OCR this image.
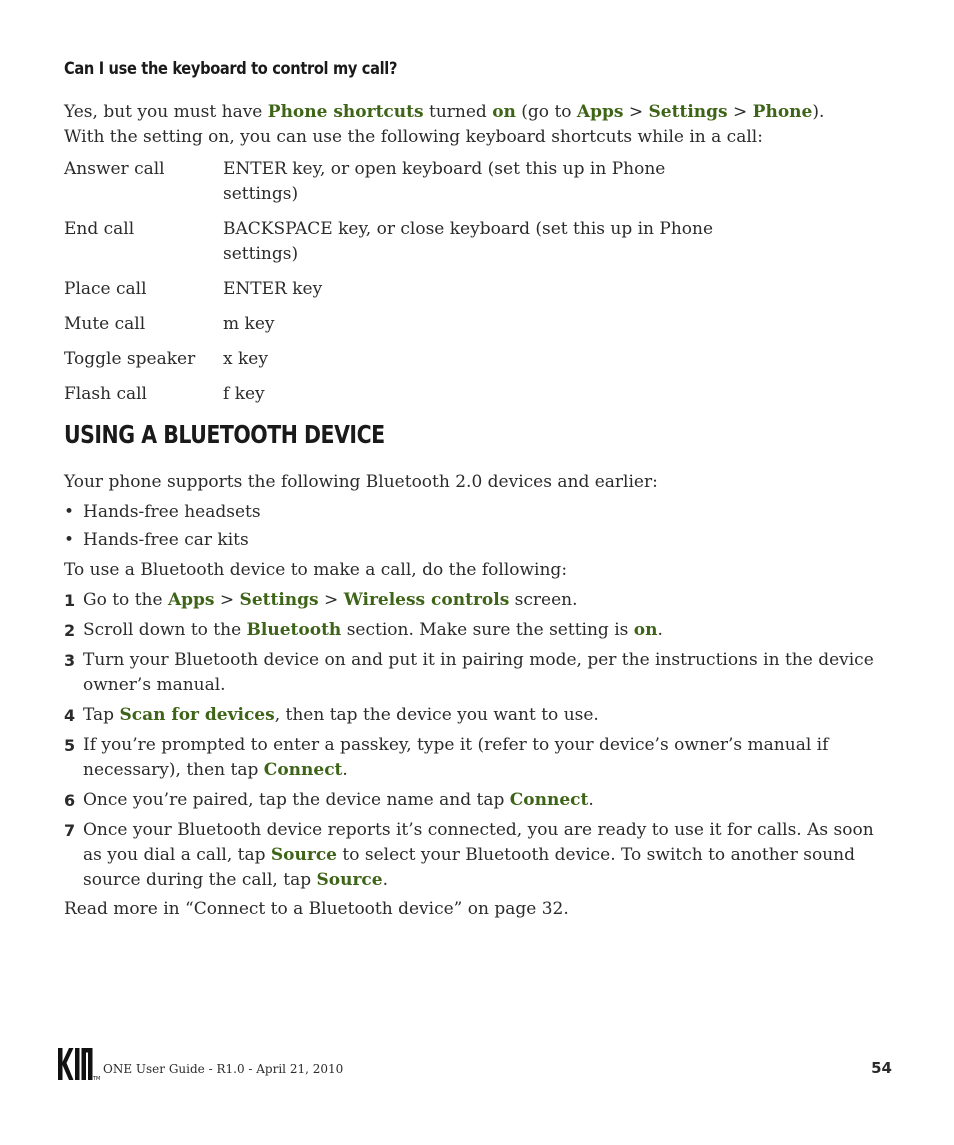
Can I use the keyboard to control my call?

Yes, but you must have Phone shortcuts turned on (go to Apps > Settings > Phone). With the setting on, you can use the following keyboard shortcuts while in a call:

Answer call	ENTER key, or open keyboard (set this up in Phone settings)
End call	BACKSPACE key, or close keyboard (set this up in Phone settings)
Place call	ENTER key
Mute call	m key
Toggle speaker	x key
Flash call	f key
USING A BLUETOOTH DEVICE

Your phone supports the following Bluetooth 2.0 devices and earlier:

• Hands-free headsets
• Hands-free car kits

To use a Bluetooth device to make a call, do the following:

1 Go to the Apps > Settings > Wireless controls screen.
2 Scroll down to the Bluetooth section. Make sure the setting is on.
3 Turn your Bluetooth device on and put it in pairing mode, per the instructions in the device owner’s manual.
4 Tap Scan for devices, then tap the device you want to use.
5 If you’re prompted to enter a passkey, type it (refer to your device’s owner’s manual if necessary), then tap Connect.
6 Once you’re paired, tap the device name and tap Connect.
7 Once your Bluetooth device reports it’s connected, you are ready to use it for calls. As soon as you dial a call, tap Source to select your Bluetooth device. To switch to another sound source during the call, tap Source.

Read more in “Connect to a Bluetooth device” on page 32.

TM
ONE User Guide - R1.0 - April 21, 2010	54
